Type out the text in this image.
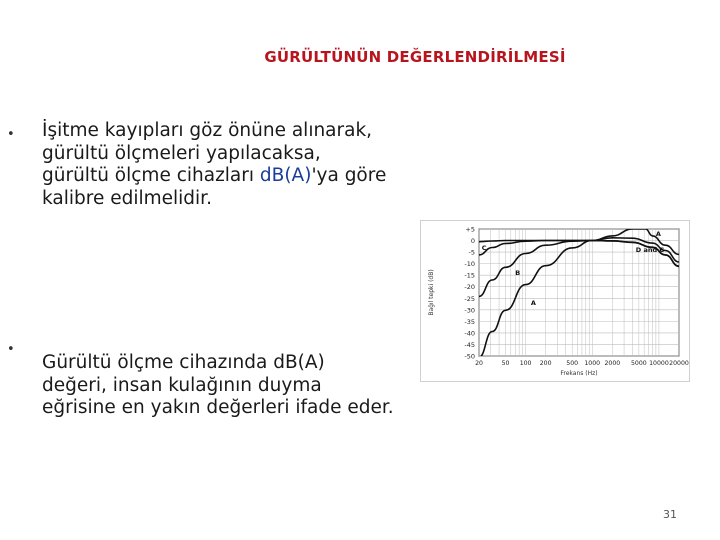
GÜRÜLTÜNÜN DEĞERLENDİRİLMESİ
• İşitme kayıpları göz önüne alınarak,
gürültü ölçmeleri yapılacaksa,
gürültü ölçme cihazları dB(A)'ya göre
kalibre edilmelidir.
•
Gürültü ölçme cihazında dB(A)
değeri, insan kulağının duyma
eğrisine en yakın değerleri ifade eder.
+5
0
-5
-10
-15
-20
-25
-30
-35
-40
-45
-50
20	50 100 200 500 1000 2000 5000 10000 20000
Frekans (Hz)
Bağıl tepki (dB)
A
C
B
A
D and C
31
